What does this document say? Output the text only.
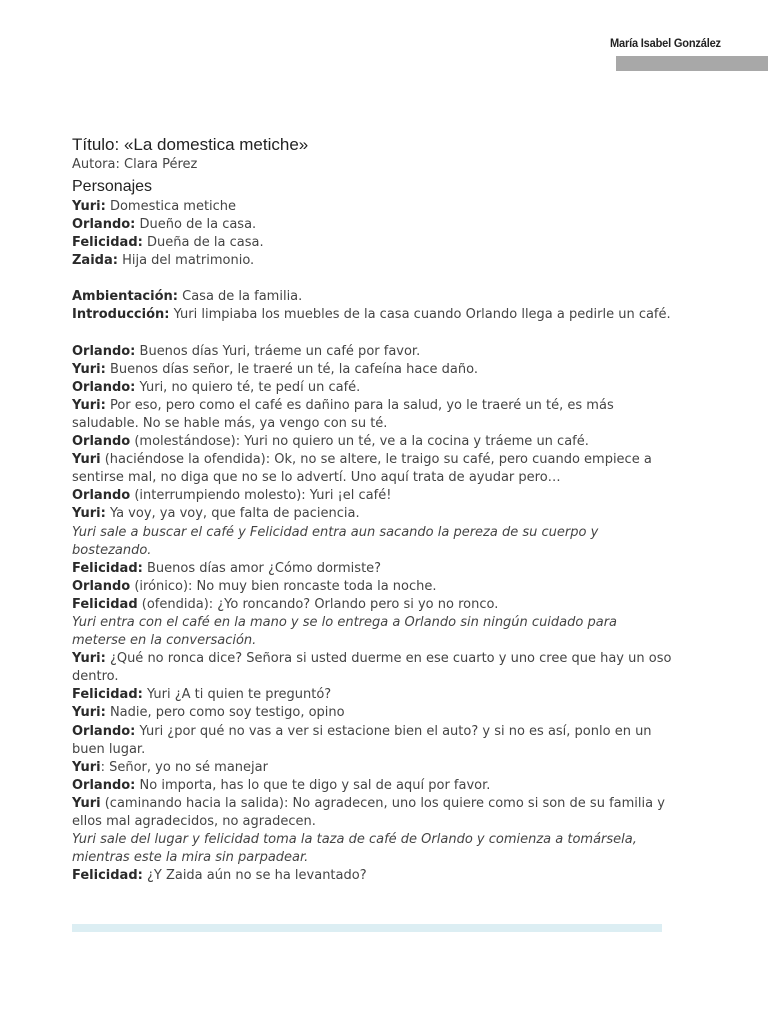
María Isabel González

Título: «La domestica metiche»

Autora: Clara Pérez

Personajes

Yuri: Domestica metiche

Orlando: Dueño de la casa.

Felicidad: Dueña de la casa.

Zaida: Hija del matrimonio.

Ambientación: Casa de la familia.

Introducción: Yuri limpiaba los muebles de la casa cuando Orlando llega a pedirle un café.

Orlando: Buenos días Yuri, tráeme un café por favor.

Yuri: Buenos días señor, le traeré un té, la cafeína hace daño.

Orlando: Yuri, no quiero té, te pedí un café.

Yuri: Por eso, pero como el café es dañino para la salud, yo le traeré un té, es más saludable. No se hable más, ya vengo con su té.

Orlando (molestándose): Yuri no quiero un té, ve a la cocina y tráeme un café.

Yuri (haciéndose la ofendida): Ok, no se altere, le traigo su café, pero cuando empiece a sentirse mal, no diga que no se lo advertí. Uno aquí trata de ayudar pero…

Orlando (interrumpiendo molesto): Yuri ¡el café!

Yuri: Ya voy, ya voy, que falta de paciencia.

Yuri sale a buscar el café y Felicidad entra aun sacando la pereza de su cuerpo y bostezando.

Felicidad: Buenos días amor ¿Cómo dormiste?

Orlando (irónico): No muy bien roncaste toda la noche.

Felicidad (ofendida): ¿Yo roncando? Orlando pero si yo no ronco.

Yuri entra con el café en la mano y se lo entrega a Orlando sin ningún cuidado para meterse en la conversación.

Yuri: ¿Qué no ronca dice? Señora si usted duerme en ese cuarto y uno cree que hay un oso dentro.

Felicidad: Yuri ¿A ti quien te preguntó?

Yuri: Nadie, pero como soy testigo, opino

Orlando: Yuri ¿por qué no vas a ver si estacione bien el auto? y si no es así, ponlo en un buen lugar.

Yuri: Señor, yo no sé manejar

Orlando: No importa, has lo que te digo y sal de aquí por favor.

Yuri (caminando hacia la salida): No agradecen, uno los quiere como si son de su familia y ellos mal agradecidos, no agradecen.

Yuri sale del lugar y felicidad toma la taza de café de Orlando y comienza a tomársela, mientras este la mira sin parpadear.

Felicidad: ¿Y Zaida aún no se ha levantado?
